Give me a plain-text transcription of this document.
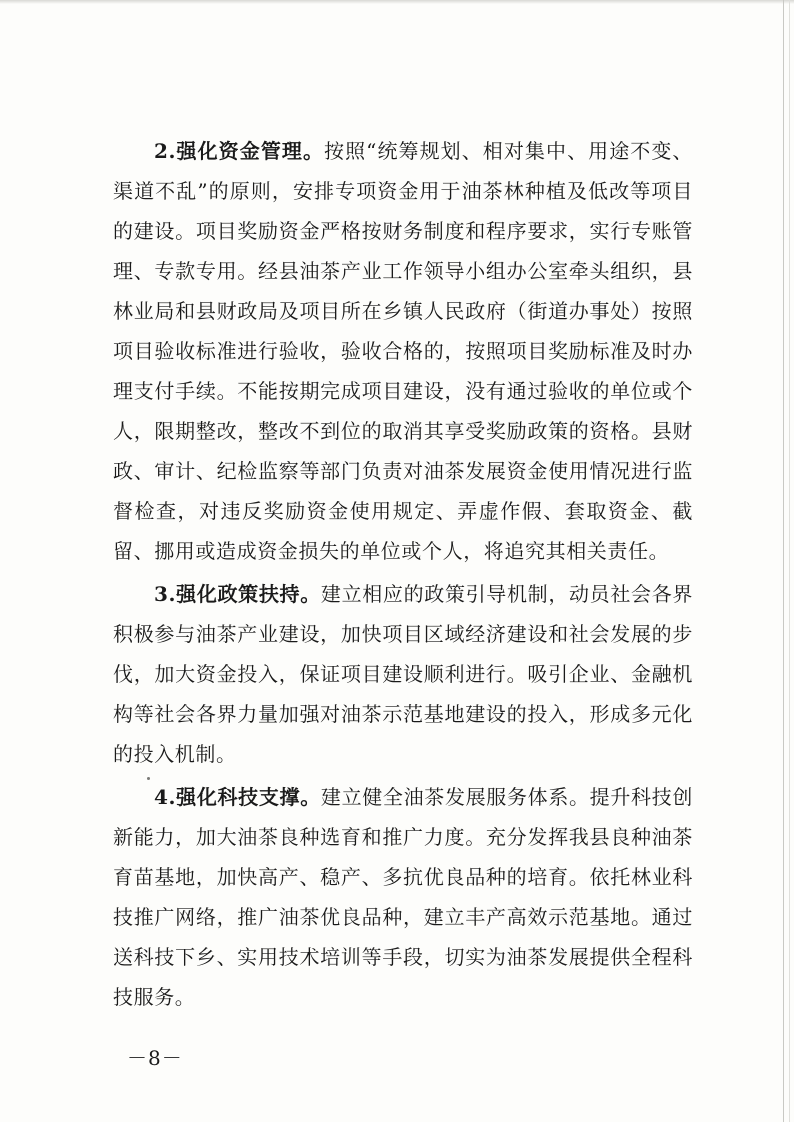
2.强化资金管理。按照“统筹规划、相对集中、用途不变、渠道不乱”的原则，安排专项资金用于油茶林种植及低改等项目的建设。项目奖励资金严格按财务制度和程序要求，实行专账管理、专款专用。经县油茶产业工作领导小组办公室牵头组织，县林业局和县财政局及项目所在乡镇人民政府（街道办事处）按照项目验收标准进行验收，验收合格的，按照项目奖励标准及时办理支付手续。不能按期完成项目建设，没有通过验收的单位或个人，限期整改，整改不到位的取消其享受奖励政策的资格。县财政、审计、纪检监察等部门负责对油茶发展资金使用情况进行监督检查，对违反奖励资金使用规定、弄虚作假、套取资金、截留、挪用或造成资金损失的单位或个人，将追究其相关责任。

3.强化政策扶持。建立相应的政策引导机制，动员社会各界积极参与油茶产业建设，加快项目区域经济建设和社会发展的步伐，加大资金投入，保证项目建设顺利进行。吸引企业、金融机构等社会各界力量加强对油茶示范基地建设的投入，形成多元化的投入机制。

4.强化科技支撑。建立健全油茶发展服务体系。提升科技创新能力，加大油茶良种选育和推广力度。充分发挥我县良种油茶育苗基地，加快高产、稳产、多抗优良品种的培育。依托林业科技推广网络，推广油茶优良品种，建立丰产高效示范基地。通过送科技下乡、实用技术培训等手段，切实为油茶发展提供全程科技服务。

－8－
